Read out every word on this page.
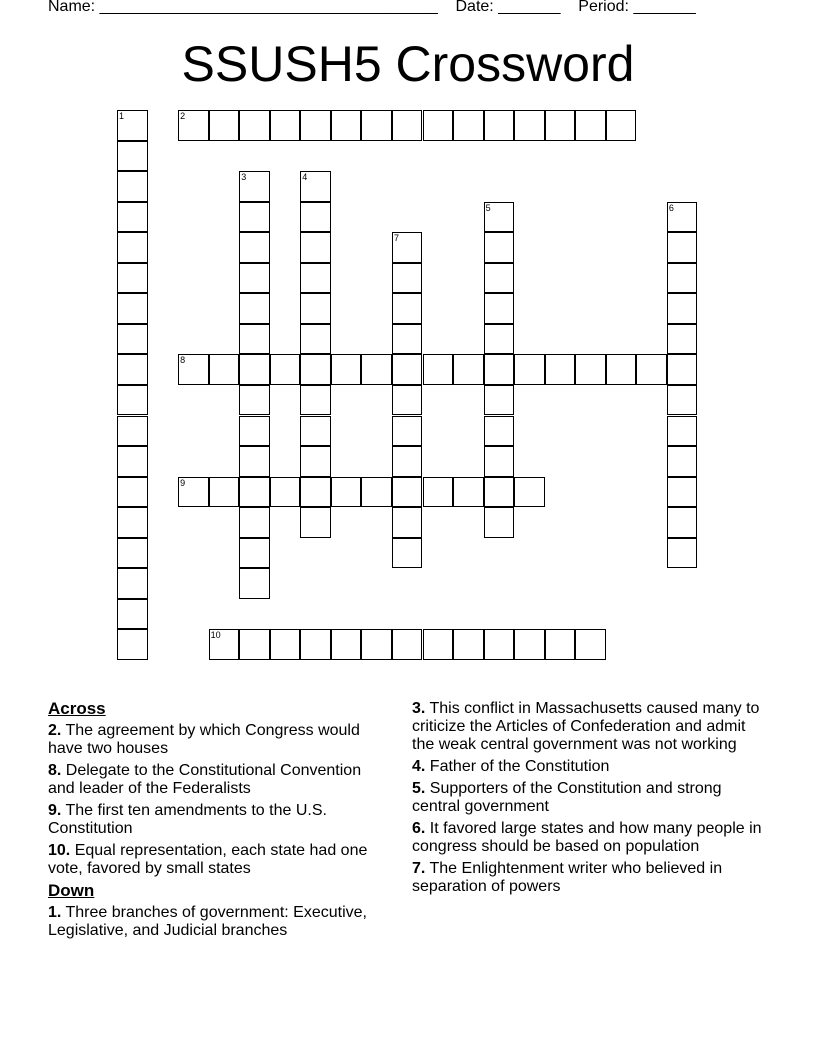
Name: ______________________________________ Date: _______ Period: _______
SSUSH5 Crossword
1	2
3	4
5	6
7
8
9
10
Across
2. The agreement by which Congress would have two houses
8. Delegate to the Constitutional Convention and leader of the Federalists
9. The first ten amendments to the U.S. Constitution
10. Equal representation, each state had one vote, favored by small states
Down
1. Three branches of government: Executive, Legislative, and Judicial branches
3. This conflict in Massachusetts caused many to criticize the Articles of Confederation and admit the weak central government was not working
4. Father of the Constitution
5. Supporters of the Constitution and strong central government
6. It favored large states and how many people in congress should be based on population
7. The Enlightenment writer who believed in separation of powers
